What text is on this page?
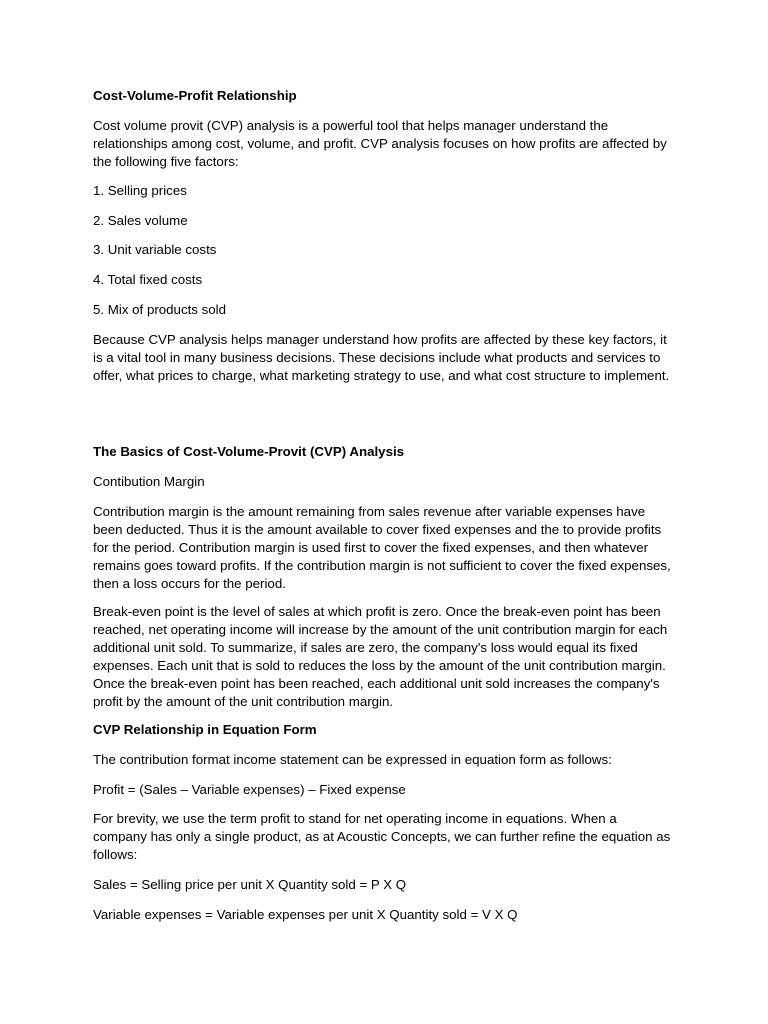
Cost-Volume-Profit Relationship

Cost volume provit (CVP) analysis is a powerful tool that helps manager understand the relationships among cost, volume, and profit. CVP analysis focuses on how profits are affected by the following five factors:

1. Selling prices

2. Sales volume

3. Unit variable costs

4. Total fixed costs

5. Mix of products sold

Because CVP analysis helps manager understand how profits are affected by these key factors, it is a vital tool in many business decisions. These decisions include what products and services to offer, what prices to charge, what marketing strategy to use, and what cost structure to implement.

The Basics of Cost-Volume-Provit (CVP) Analysis

Contibution Margin

Contribution margin is the amount remaining from sales revenue after variable expenses have been deducted. Thus it is the amount available to cover fixed expenses and the to provide profits for the period. Contribution margin is used first to cover the fixed expenses, and then whatever remains goes toward profits. If the contribution margin is not sufficient to cover the fixed expenses, then a loss occurs for the period.

Break-even point is the level of sales at which profit is zero. Once the break-even point has been reached, net operating income will increase by the amount of the unit contribution margin for each additional unit sold. To summarize, if sales are zero, the company's loss would equal its fixed expenses. Each unit that is sold to reduces the loss by the amount of the unit contribution margin. Once the break-even point has been reached, each additional unit sold increases the company's profit by the amount of the unit contribution margin.

CVP Relationship in Equation Form

The contribution format income statement can be expressed in equation form as follows:

Profit = (Sales – Variable expenses) – Fixed expense

For brevity, we use the term profit to stand for net operating income in equations. When a company has only a single product, as at Acoustic Concepts, we can further refine the equation as follows:

Sales = Selling price per unit X Quantity sold = P X Q

Variable expenses = Variable expenses per unit X Quantity sold = V X Q
